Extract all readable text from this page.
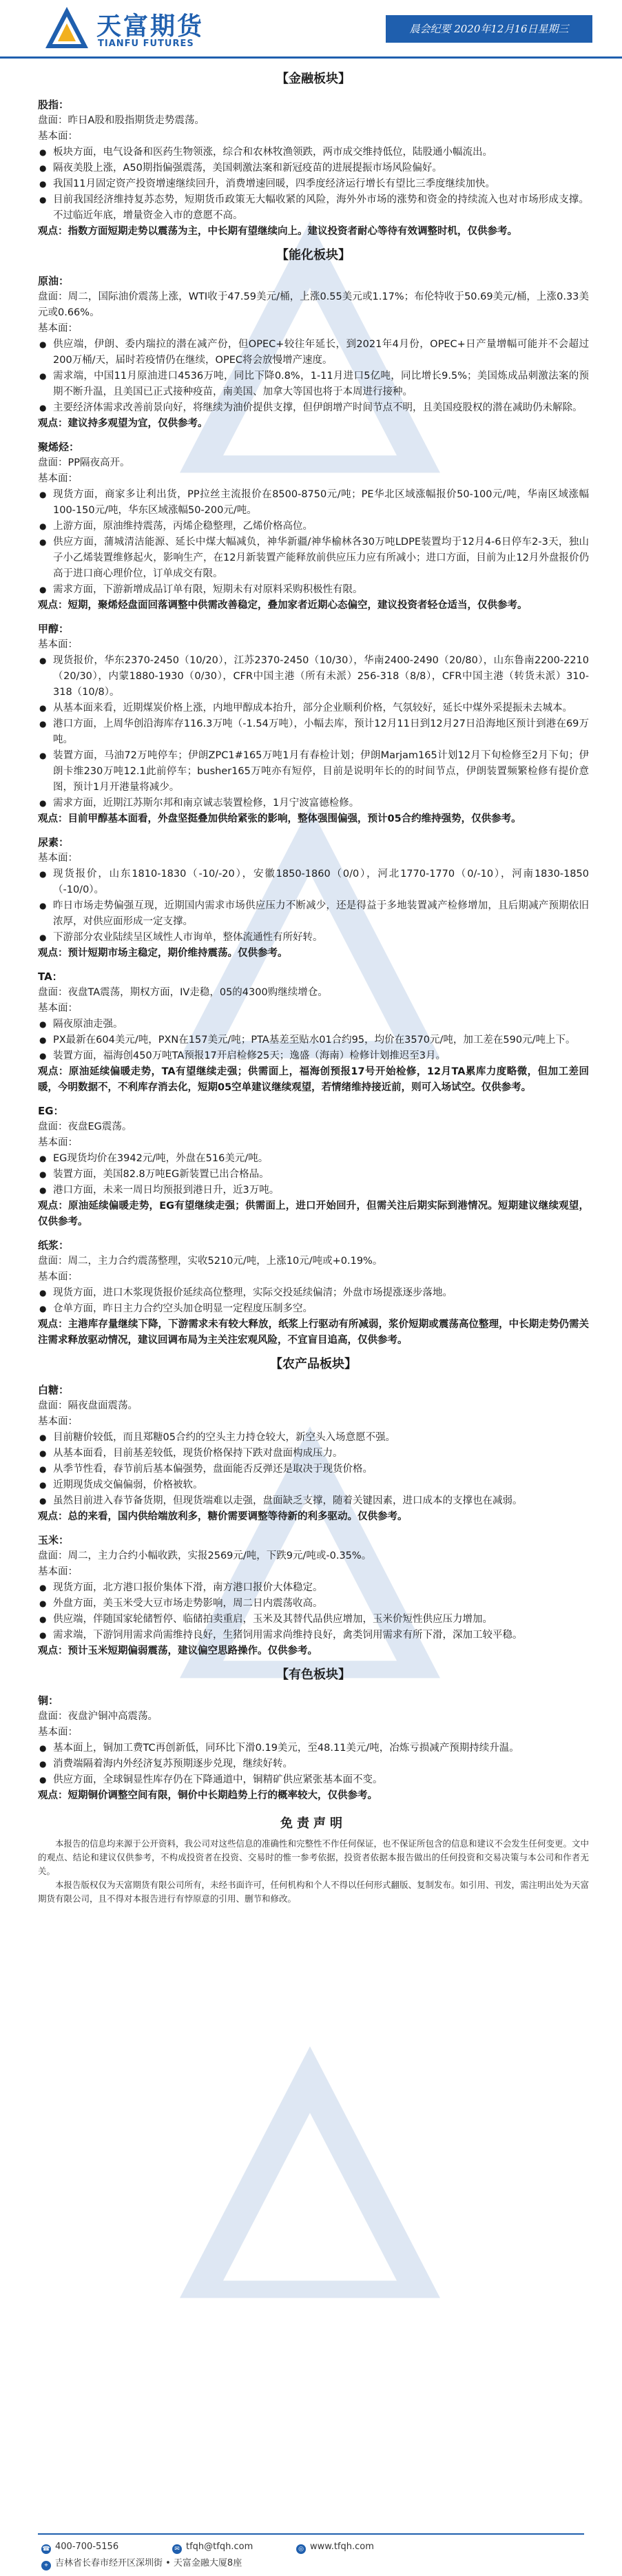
天富期货
TIANFU FUTURES
晨会纪要 2020年12月16日星期三
【金融板块】
股指：
盘面：昨日A股和股指期货走势震荡。
基本面：
● 板块方面，电气设备和医药生物领涨，综合和农林牧渔领跌，两市成交维持低位，陆股通小幅流出。
● 隔夜美股上涨，A50期指偏强震荡，美国刺激法案和新冠疫苗的进展提振市场风险偏好。
● 我国11月固定资产投资增速继续回升，消费增速回暖，四季度经济运行增长有望比三季度继续加快。
● 目前我国经济维持复苏态势，短期货币政策无大幅收紧的风险，海外外市场的涨势和资金的持续流入也对市场形成支撑。不过临近年底，增量资金入市的意愿不高。
观点：指数方面短期走势以震荡为主，中长期有望继续向上。建议投资者耐心等待有效调整时机，仅供参考。
【能化板块】
原油：
盘面：周二，国际油价震荡上涨，WTI收于47.59美元/桶，上涨0.55美元或1.17%；布伦特收于50.69美元/桶，上涨0.33美元或0.66%。
基本面：
● 供应端，伊朗、委内瑞拉的潜在减产份，但OPEC+较往年延长，到2021年4月份，OPEC+日产量增幅可能并不会超过200万桶/天，届时若疫情仍在继续，OPEC将会放慢增产速度。
● 需求端，中国11月原油进口4536万吨，同比下降0.8%，1-11月进口5亿吨，同比增长9.5%；美国炼成品刺激法案的预期不断升温，且美国已正式接种疫苗，南美国、加拿大等国也将于本周进行接种。
● 主要经济体需求改善前景向好，将继续为油价提供支撑，但伊朗增产时间节点不明，且美国疫股权的潜在减助仍未解除。
观点：建议持多观望为宜，仅供参考。
聚烯烃：
盘面：PP隔夜高开。
基本面：
● 现货方面，商家多让利出货，PP拉丝主流报价在8500-8750元/吨；PE华北区域涨幅报价50-100元/吨，华南区域涨幅100-150元/吨，华东区域涨幅50-200元/吨。
● 上游方面，原油维持震荡，丙烯企稳整理，乙烯价格高位。
● 供应方面，蒲城清洁能源、延长中煤大幅减负，神华新疆/神华榆林各30万吨LDPE装置均于12月4-6日停车2-3天，独山子小乙烯装置维修起火，影响生产，在12月新装置产能释放前供应压力应有所减小；进口方面，目前为止12月外盘报价仍高于进口商心理价位，订单成交有限。
● 需求方面，下游新增成品订单有限，短期未有对原料采购积极性有限。
观点：短期，聚烯烃盘面回落调整中供需改善稳定，叠加家者近期心态偏空，建议投资者轻仓适当，仅供参考。
甲醇：
基本面：
● 现货报价，华东2370-2450（10/20），江苏2370-2450（10/30），华南2400-2490（20/80），山东鲁南2200-2210（20/30），内蒙1880-1930（0/30），CFR中国主港（所有未派）256-318（8/8），CFR中国主港（转货未派）310-318（10/8）。
● 从基本面来看，近期煤炭价格上涨，内地甲醇成本抬升，部分企业顺利价格，气氛较好，延长中煤外采提振未去城本。
● 港口方面，上周华创沿海库存116.3万吨（-1.54万吨），小幅去库，预计12月11日到12月27日沿海地区预计到港在69万吨。
● 装置方面，马油72万吨停车；伊朗ZPC1#165万吨1月有春检计划；伊朗Marjam165计划12月下旬检修至2月下旬；伊朗卡维230万吨12.1此前停车；busher165万吨亦有短停，目前是说明年长的的时间节点，伊朗装置频繁检修有提价意图，预计1月开港量将减少。
● 需求方面，近期江苏斯尔邦和南京诚志装置检修，1月宁波富德检修。
观点：目前甲醇基本面看，外盘坚挺叠加供给紧张的影响，整体强围偏强，预计05合约维持强势，仅供参考。
尿素：
基本面：
● 现货报价，山东1810-1830（-10/-20），安徽1850-1860（0/0），河北1770-1770（0/-10），河南1830-1850（-10/0）。
● 昨日市场走势偏强互现，近期国内需求市场供应压力不断减少，还是得益于多地装置减产检修增加，且后期减产预期依旧浓厚，对供应面形成一定支撑。
● 下游部分农业陆续呈区域性人市询单，整体流通性有所好转。
观点：预计短期市场主稳定，期价维持震荡。仅供参考。
TA：
盘面：夜盘TA震荡，期权方面，IV走稳，05的4300购继续增仓。
基本面：
● 隔夜原油走强。
● PX最新在604美元/吨，PXN在157美元/吨；PTA基差至贴水01合约95，均价在3570元/吨，加工差在590元/吨上下。
● 装置方面，福海创450万吨TA预报17开启检修25天；逸盛（海南）检修计划推迟至3月。
观点：原油延续偏暖走势，TA有望继续走强；供需面上，福海创预报17号开始检修，12月TA累库力度略微，但加工差回暖，今明数据不，不利库存消去化，短期05空单建议继续观望，若情绪维持接近前，则可入场试空。仅供参考。
EG：
盘面：夜盘EG震荡。
基本面：
● EG现货均价在3942元/吨，外盘在516美元/吨。
● 装置方面，美国82.8万吨EG新装置已出合格品。
● 港口方面，未来一周日均预报到港日升，近3万吨。
观点：原油延续偏暖走势，EG有望继续走强；供需面上，进口开始回升，但需关注后期实际到港情况。短期建议继续观望，仅供参考。
纸浆：
盘面：周二，主力合约震荡整理，实收5210元/吨，上涨10元/吨或+0.19%。
基本面：
● 现货方面，进口木浆现货报价延续高位整理，实际交投延续偏清；外盘市场提涨逐步落地。
● 仓单方面，昨日主力合约空头加仓明显一定程度压制多空。
观点：主港库存量继续下降，下游需求未有较大释放，纸浆上行驱动有所减弱，浆价短期或震荡高位整理，中长期走势仍需关注需求释放驱动情况，建议回调布局为主关注宏观风险，不宜盲目追高，仅供参考。
【农产品板块】
白糖：
盘面：隔夜盘面震荡。
基本面：
● 目前糖价较低，而且郑糖05合约的空头主力持仓较大，新空头入场意愿不强。
● 从基本面看，目前基差较低，现货价格保持下跌对盘面构成压力。
● 从季节性看，春节前后基本偏强势，盘面能否反弹还是取决于现货价格。
● 近期现货成交偏偏弱，价格被软。
● 虽然目前进入春节备货期，但现货端难以走强，盘面缺乏支撑，随着关键因素，进口成本的支撑也在减弱。
观点：总的来看，国内供给端放利多，糖价需要调整等待新的利多驱动。仅供参考。
玉米：
盘面：周二，主力合约小幅收跌，实报2569元/吨，下跌9元/吨或-0.35%。
基本面：
● 现货方面，北方港口报价集体下滑，南方港口报价大体稳定。
● 外盘方面，美玉米受大豆市场走势影响，周二日内震荡收高。
● 供应端，伴随国家轮储暂停、临储拍卖重启，玉米及其替代品供应增加，玉米价短性供应压力增加。
● 需求端，下游饲用需求尚需维持良好，生猪饲用需求尚维持良好，禽类饲用需求有所下滑，深加工较平稳。
观点：预计玉米短期偏弱震荡，建议偏空思路操作。仅供参考。
【有色板块】
铜：
盘面：夜盘沪铜冲高震荡。
基本面：
● 基本面上，铜加工费TC再创新低，同环比下滑0.19美元，至48.11美元/吨，冶炼亏损减产预期持续升温。
● 消费端隔着海内外经济复苏预期逐步兑现，继续好转。
● 供应方面，全球铜显性库存仍在下降通道中，铜精矿供应紧张基本面不变。
观点：短期铜价调整空间有限，铜价中长期趋势上行的概率较大，仅供参考。
免责声明
本报告的信息均来源于公开资料，我公司对这些信息的准确性和完整性不作任何保证，也不保证所包含的信息和建议不会发生任何变更。文中的观点、结论和建议仅供参考，不构成投资者在投资、交易时的惟一参考依据，投资者依据本报告做出的任何投资和交易决策与本公司和作者无关。
本报告版权仅为天富期货有限公司所有，未经书面许可，任何机构和个人不得以任何形式翻版、复制发布。如引用、刊发，需注明出处为天富期货有限公司，且不得对本报告进行有悖原意的引用、删节和修改。
☎ 400-700-5156	✉ tfqh@tfqh.com	◎ www.tfqh.com
⌖ 吉林省长春市经开区深圳街 • 天富金融大厦8座
